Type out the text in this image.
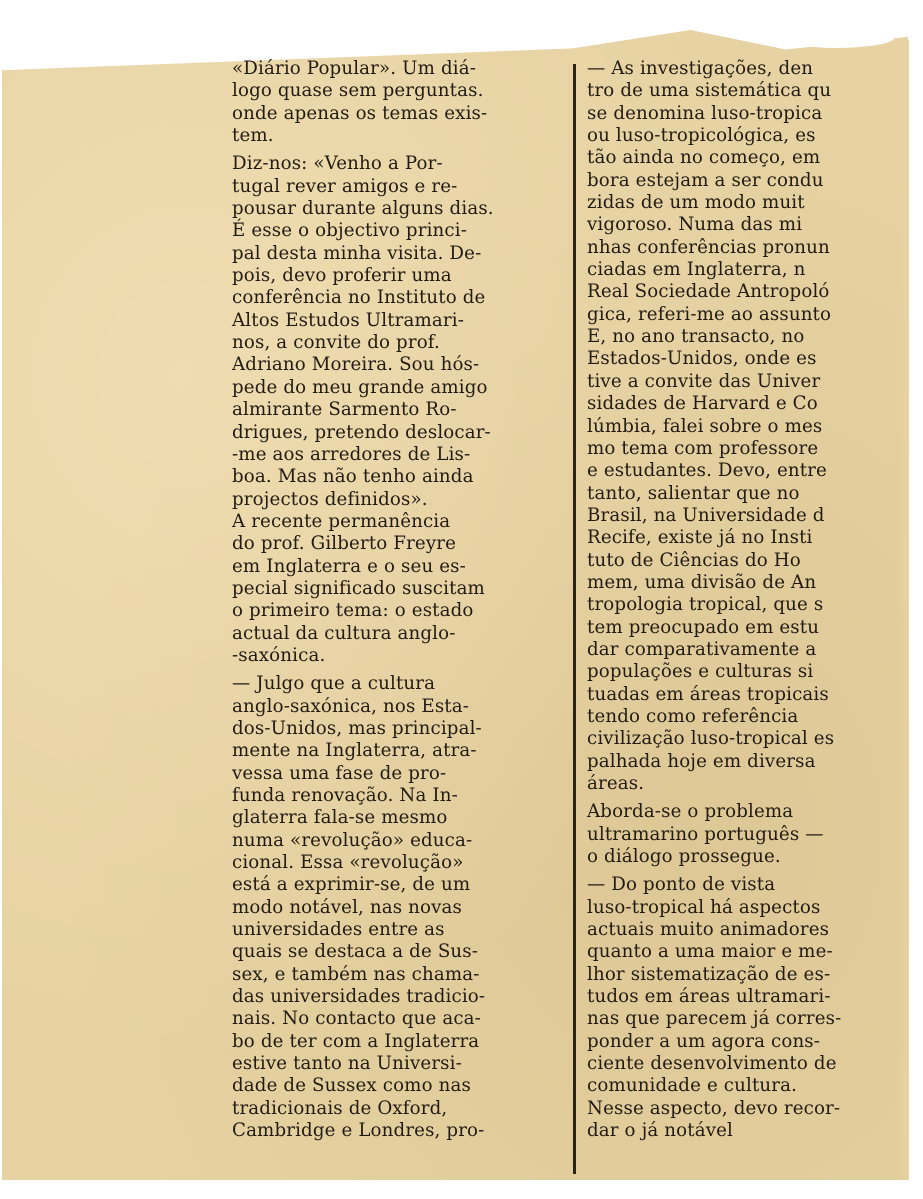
«Diário Popular». Um diá-
logo quase sem perguntas.
onde apenas os temas exis-
tem.
Diz-nos: «Venho a Por-
tugal rever amigos e re-
pousar durante alguns dias.
É esse o objectivo princi-
pal desta minha visita. De-
pois, devo proferir uma
conferência no Instituto de
Altos Estudos Ultramari-
nos, a convite do prof.
Adriano Moreira. Sou hós-
pede do meu grande amigo
almirante Sarmento Ro-
drigues, pretendo deslocar-
-me aos arredores de Lis-
boa. Mas não tenho ainda
projectos definidos».
A recente permanência
do prof. Gilberto Freyre
em Inglaterra e o seu es-
pecial significado suscitam
o primeiro tema: o estado
actual da cultura anglo-
-saxónica.
— Julgo que a cultura
anglo-saxónica, nos Esta-
dos-Unidos, mas principal-
mente na Inglaterra, atra-
vessa uma fase de pro-
funda renovação. Na In-
glaterra fala-se mesmo
numa «revolução» educa-
cional. Essa «revolução»
está a exprimir-se, de um
modo notável, nas novas
universidades entre as
quais se destaca a de Sus-
sex, e também nas chama-
das universidades tradicio-
nais. No contacto que aca-
bo de ter com a Inglaterra
estive tanto na Universi-
dade de Sussex como nas
tradicionais de Oxford,
Cambridge e Londres, pro-
— As investigações, den
tro de uma sistemática qu
se denomina luso-tropica
ou luso-tropicológica, es
tão ainda no começo, em
bora estejam a ser condu
zidas de um modo muit
vigoroso. Numa das mi
nhas conferências pronun
ciadas em Inglaterra, n
Real Sociedade Antropoló
gica, referi-me ao assunto
E, no ano transacto, no
Estados-Unidos, onde es
tive a convite das Univer
sidades de Harvard e Co
lúmbia, falei sobre o mes
mo tema com professore
e estudantes. Devo, entre
tanto, salientar que no
Brasil, na Universidade d
Recife, existe já no Insti
tuto de Ciências do Ho
mem, uma divisão de An
tropologia tropical, que s
tem preocupado em estu
dar comparativamente a
populações e culturas si
tuadas em áreas tropicais
tendo como referência
civilização luso-tropical es
palhada hoje em diversa
áreas.
Aborda-se o problema
ultramarino português —
o diálogo prossegue.
— Do ponto de vista
luso-tropical há aspectos
actuais muito animadores
quanto a uma maior e me-
lhor sistematização de es-
tudos em áreas ultramari-
nas que parecem já corres-
ponder a um agora cons-
ciente desenvolvimento de
comunidade e cultura.
Nesse aspecto, devo recor-
dar o já notável
